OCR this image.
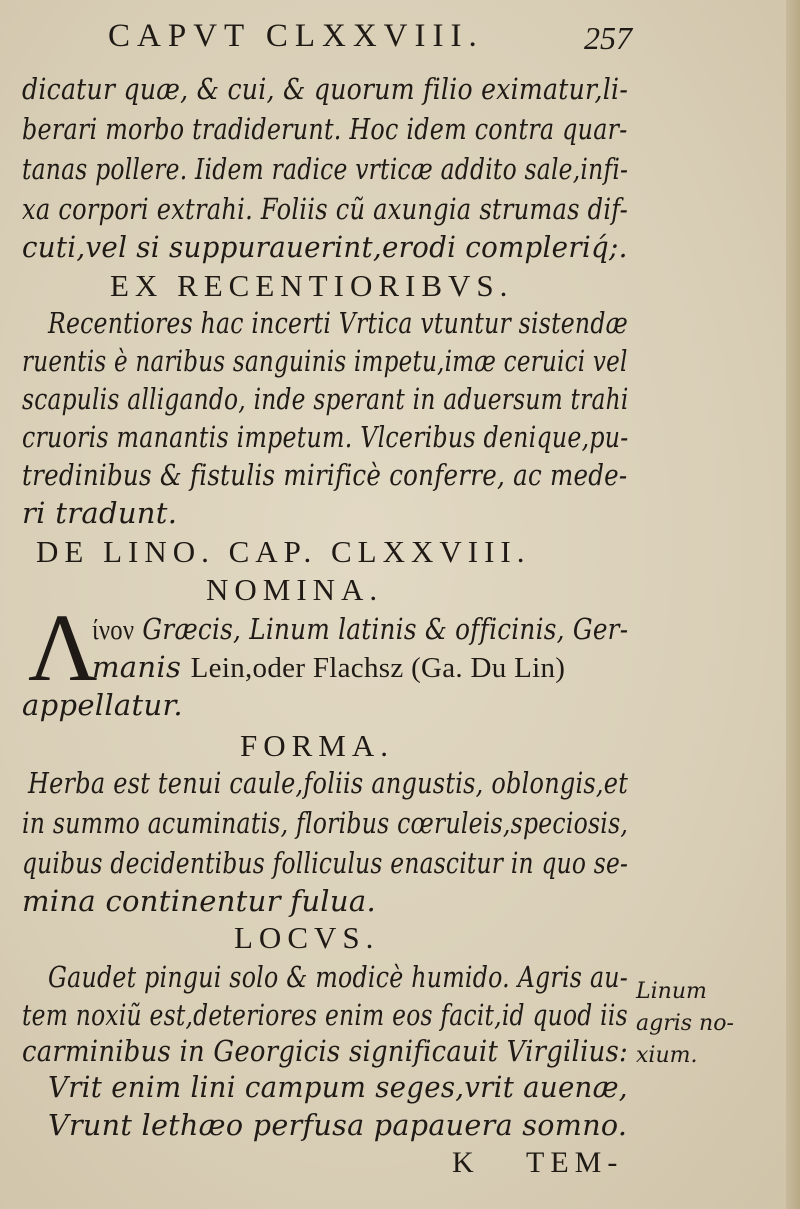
CAPVT CLXXVIII.	257
dicatur quæ, & cui, & quorum filio eximatur,li-
berari morbo tradiderunt. Hoc idem contra quar-
tanas pollere. Iidem radice vrticæ addito sale,infi-
xa corpori extrahi. Foliis cũ axungia strumas dif-
cuti,vel si suppurauerint,erodi compleriq́;.
EX RECENTIORIBVS.
Recentiores hac incerti Vrtica vtuntur sistendæ
ruentis è naribus sanguinis impetu,imæ ceruici vel
scapulis alligando, inde sperant in aduersum trahi
cruoris manantis impetum. Vlceribus denique,pu-
tredinibus & fistulis mirificè conferre, ac mede-
ri tradunt.
DE LINO. CAP. CLXXVIII.
NOMINA.
Λ
ίνον Græcis, Linum latinis & officinis, Ger-
manis Lein,oder Flachsz (Ga. Du Lin)
appellatur.
FORMA.
Herba est tenui caule,foliis angustis, oblongis,et
in summo acuminatis, floribus cœruleis,speciosis,
quibus decidentibus folliculus enascitur in quo se-
mina continentur fulua.
LOCVS.
Gaudet pingui solo & modicè humido. Agris au-
tem noxiũ est,deteriores enim eos facit,id quod iis
carminibus in Georgicis significauit Virgilius:
Vrit enim lini campum seges,vrit auenæ,
Vrunt lethæo perfusa papauera somno.
Linum
agris no-
xium.
K TEM-
